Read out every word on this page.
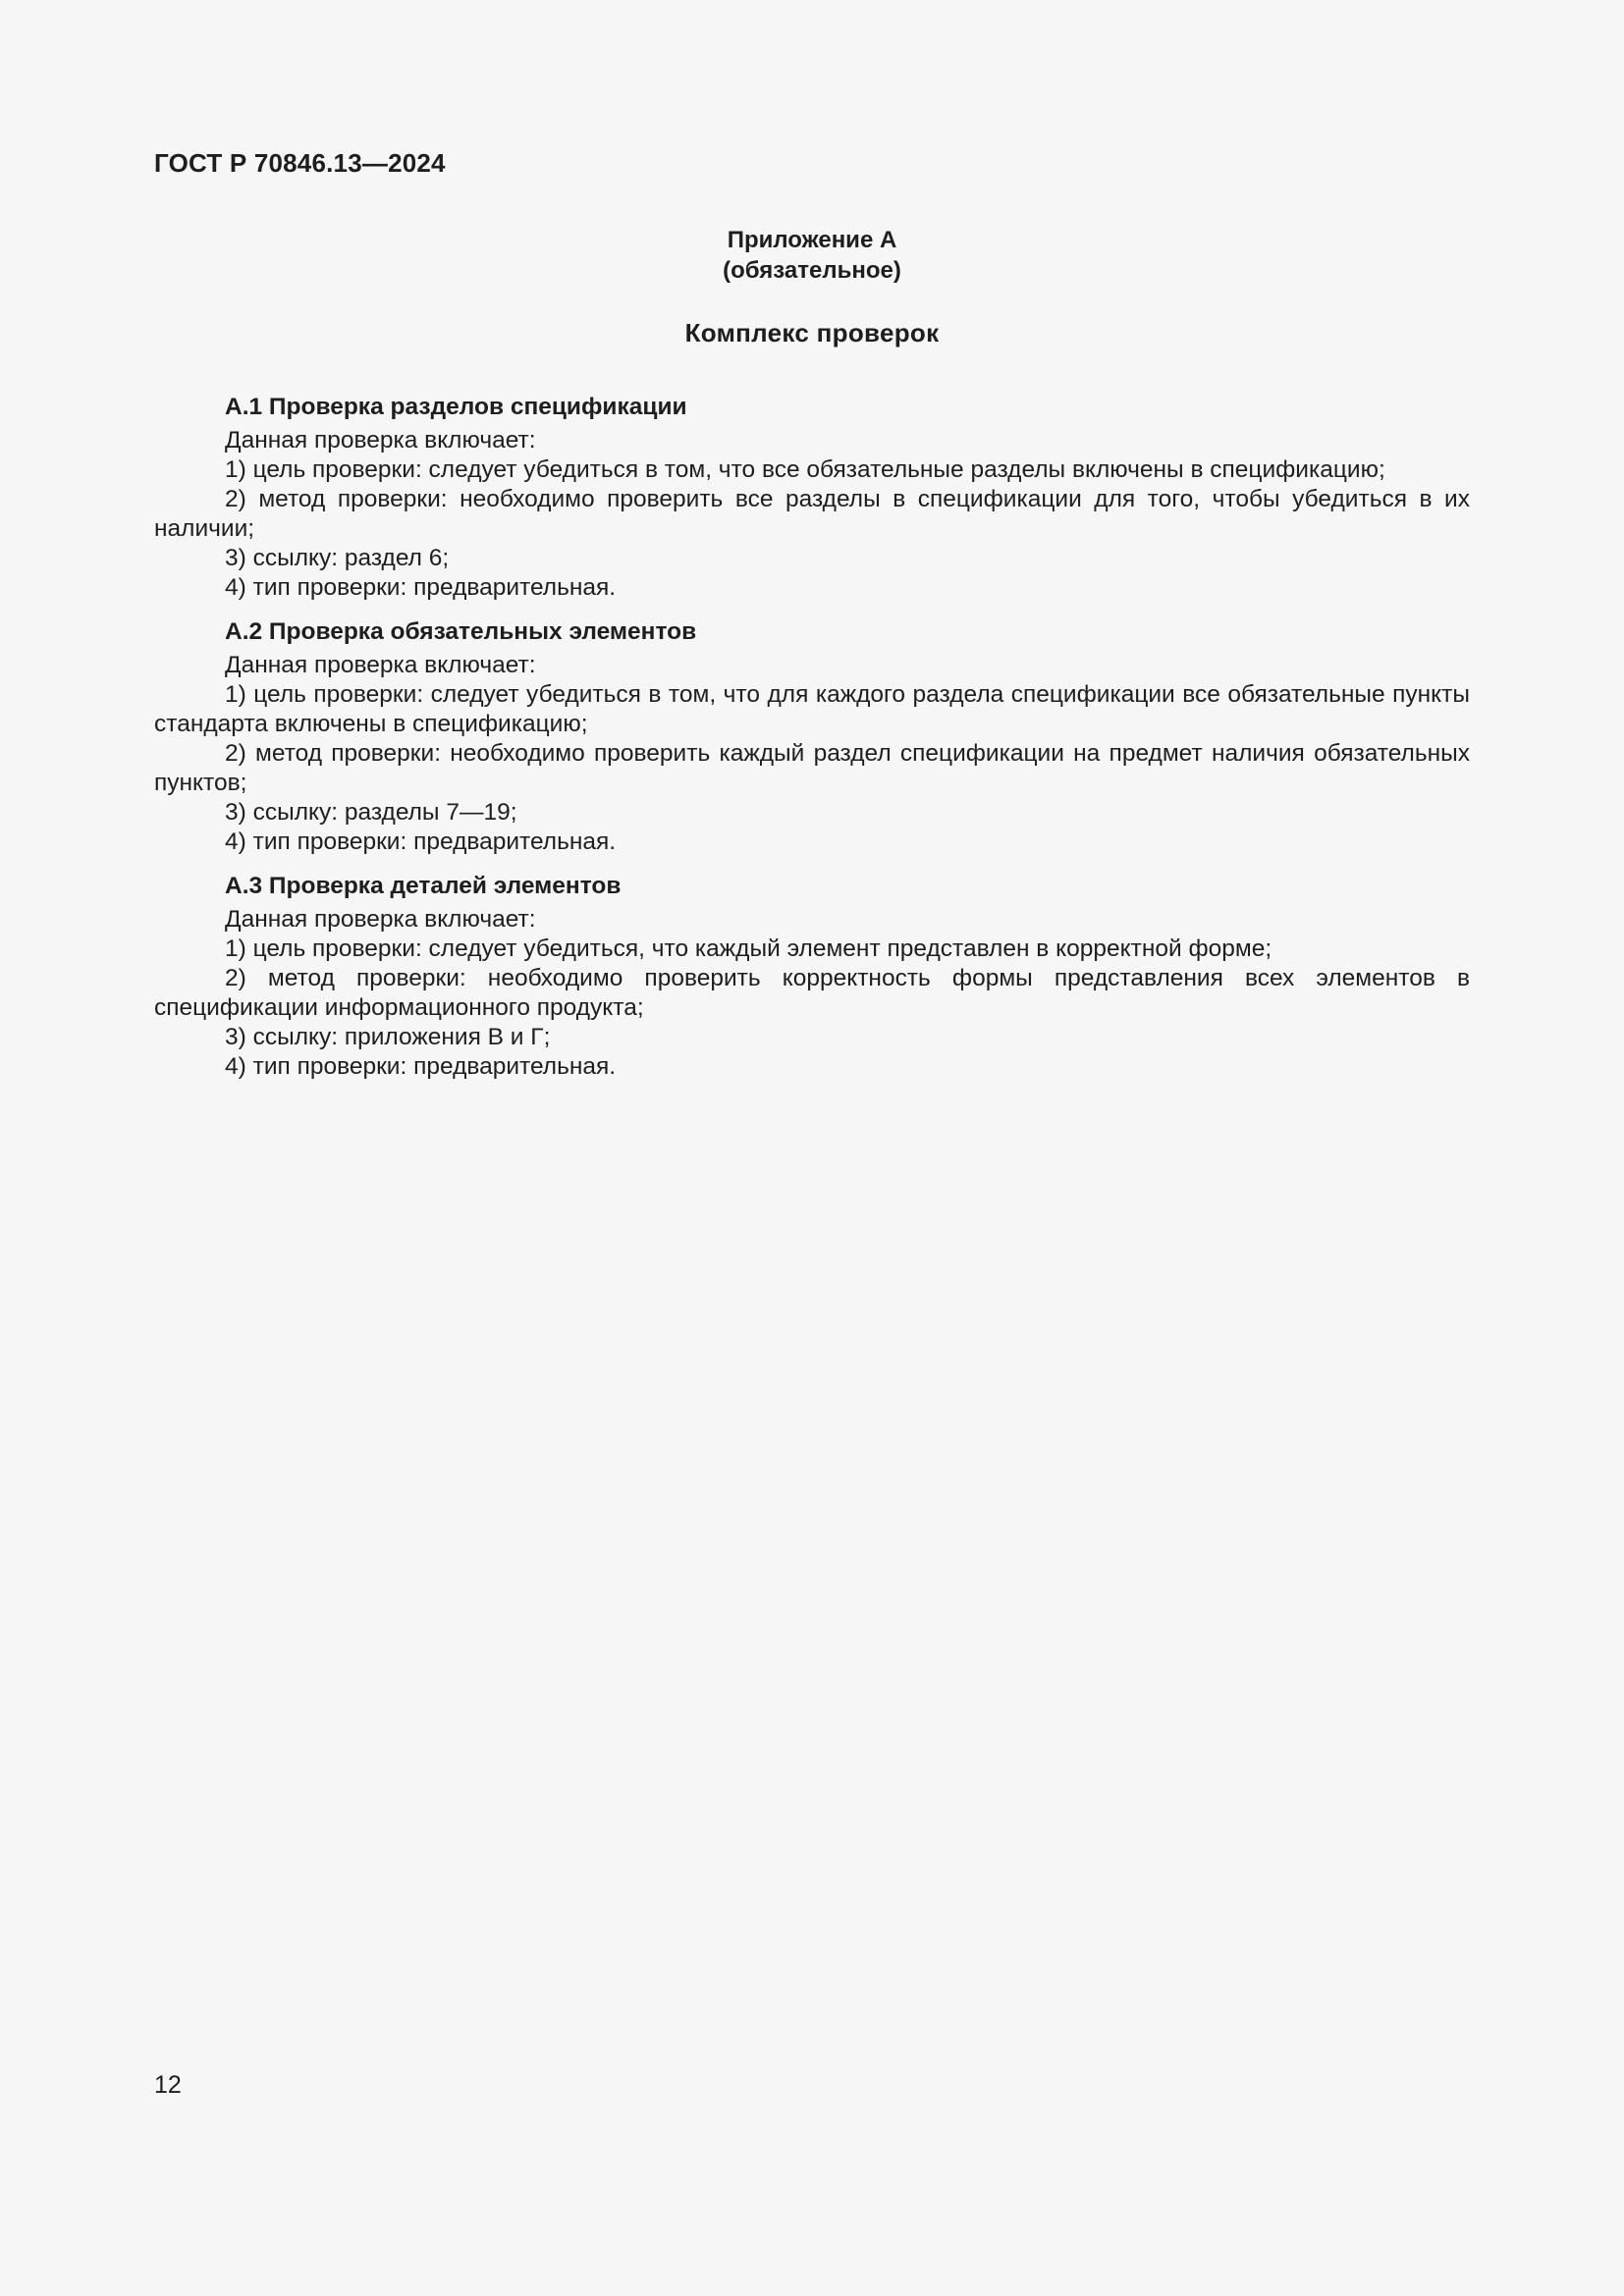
ГОСТ Р 70846.13—2024
Приложение А
(обязательное)
Комплекс проверок

А.1 Проверка разделов спецификации

Данная проверка включает:

1) цель проверки: следует убедиться в том, что все обязательные разделы включены в спецификацию;

2) метод проверки: необходимо проверить все разделы в спецификации для того, чтобы убедиться в их наличии;

3) ссылку: раздел 6;

4) тип проверки: предварительная.

А.2 Проверка обязательных элементов

Данная проверка включает:

1) цель проверки: следует убедиться в том, что для каждого раздела спецификации все обязательные пункты стандарта включены в спецификацию;

2) метод проверки: необходимо проверить каждый раздел спецификации на предмет наличия обязательных пунктов;

3) ссылку: разделы 7—19;

4) тип проверки: предварительная.

А.3 Проверка деталей элементов

Данная проверка включает:

1) цель проверки: следует убедиться, что каждый элемент представлен в корректной форме;

2) метод проверки: необходимо проверить корректность формы представления всех элементов в спецификации информационного продукта;

3) ссылку: приложения В и Г;

4) тип проверки: предварительная.

12
